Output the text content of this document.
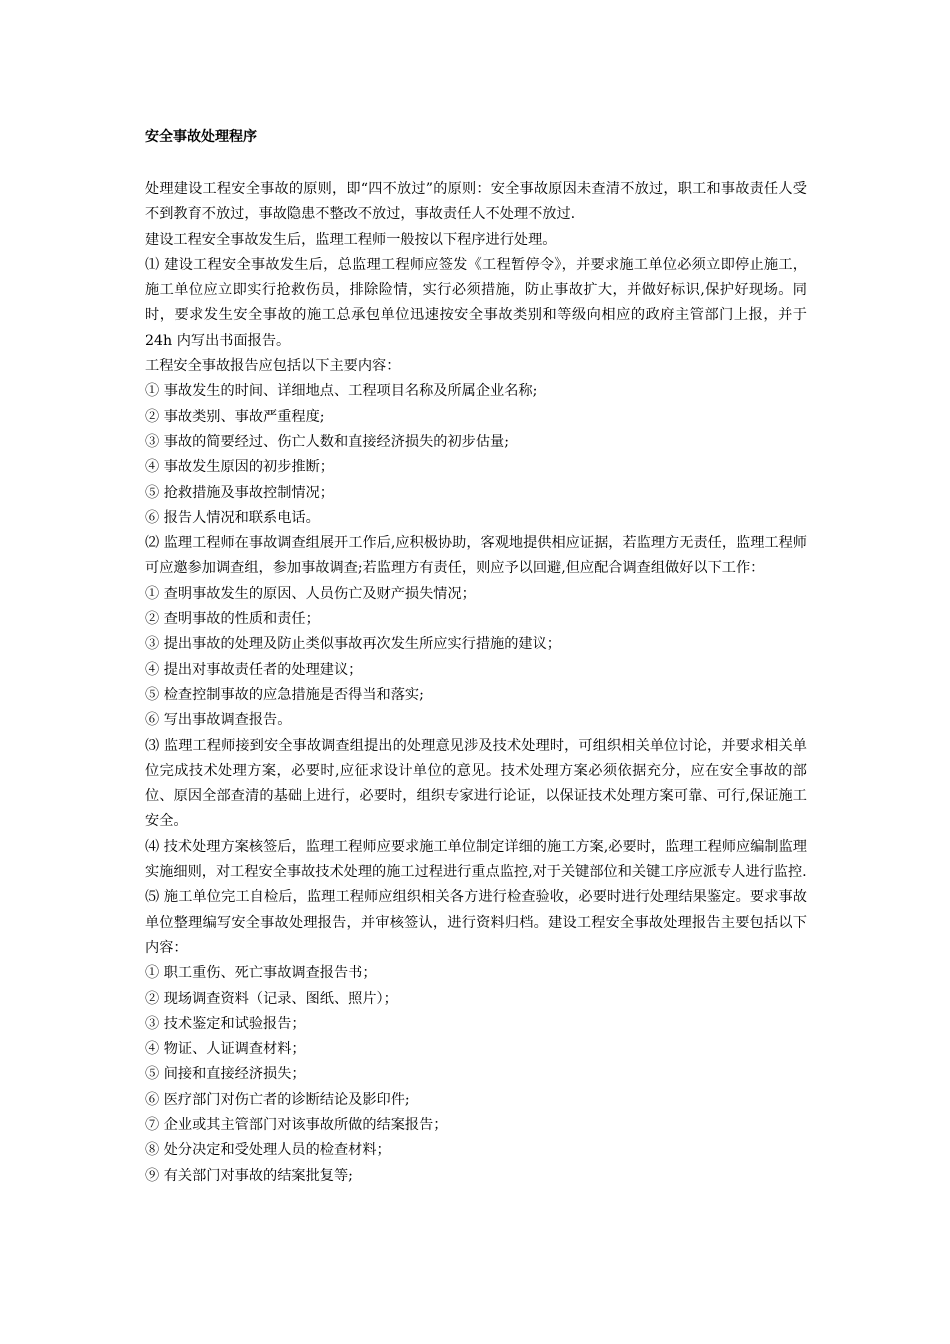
安全事故处理程序

处理建设工程安全事故的原则，即“四不放过”的原则：安全事故原因未查清不放过，职工和事故责任人受不到教育不放过，事故隐患不整改不放过，事故责任人不处理不放过.

建设工程安全事故发生后，监理工程师一般按以下程序进行处理。

⑴ 建设工程安全事故发生后，总监理工程师应签发《工程暂停令》，并要求施工单位必须立即停止施工，施工单位应立即实行抢救伤员，排除险情，实行必须措施，防止事故扩大，并做好标识,保护好现场。同时，要求发生安全事故的施工总承包单位迅速按安全事故类别和等级向相应的政府主管部门上报，并于 24h 内写出书面报告。

工程安全事故报告应包括以下主要内容：

① 事故发生的时间、详细地点、工程项目名称及所属企业名称;

② 事故类别、事故严重程度;

③ 事故的简要经过、伤亡人数和直接经济损失的初步估量;

④ 事故发生原因的初步推断；

⑤ 抢救措施及事故控制情况；

⑥ 报告人情况和联系电话。

⑵ 监理工程师在事故调查组展开工作后,应积极协助，客观地提供相应证据，若监理方无责任，监理工程师可应邀参加调查组，参加事故调查;若监理方有责任，则应予以回避,但应配合调查组做好以下工作：

① 查明事故发生的原因、人员伤亡及财产损失情况；

② 查明事故的性质和责任；

③ 提出事故的处理及防止类似事故再次发生所应实行措施的建议；

④ 提出对事故责任者的处理建议；

⑤ 检查控制事故的应急措施是否得当和落实;

⑥ 写出事故调查报告。

⑶ 监理工程师接到安全事故调查组提出的处理意见涉及技术处理时，可组织相关单位讨论，并要求相关单位完成技术处理方案，必要时,应征求设计单位的意见。技术处理方案必须依据充分，应在安全事故的部位、原因全部查清的基础上进行，必要时，组织专家进行论证，以保证技术处理方案可靠、可行,保证施工安全。

⑷ 技术处理方案核签后，监理工程师应要求施工单位制定详细的施工方案,必要时，监理工程师应编制监理实施细则，对工程安全事故技术处理的施工过程进行重点监控,对于关键部位和关键工序应派专人进行监控.

⑸ 施工单位完工自检后，监理工程师应组织相关各方进行检查验收，必要时进行处理结果鉴定。要求事故单位整理编写安全事故处理报告，并审核签认，进行资料归档。建设工程安全事故处理报告主要包括以下内容：

① 职工重伤、死亡事故调查报告书；

② 现场调查资料（记录、图纸、照片）；

③ 技术鉴定和试验报告；

④ 物证、人证调查材料；

⑤ 间接和直接经济损失；

⑥ 医疗部门对伤亡者的诊断结论及影印件;

⑦ 企业或其主管部门对该事故所做的结案报告；

⑧ 处分决定和受处理人员的检查材料；

⑨ 有关部门对事故的结案批复等;
